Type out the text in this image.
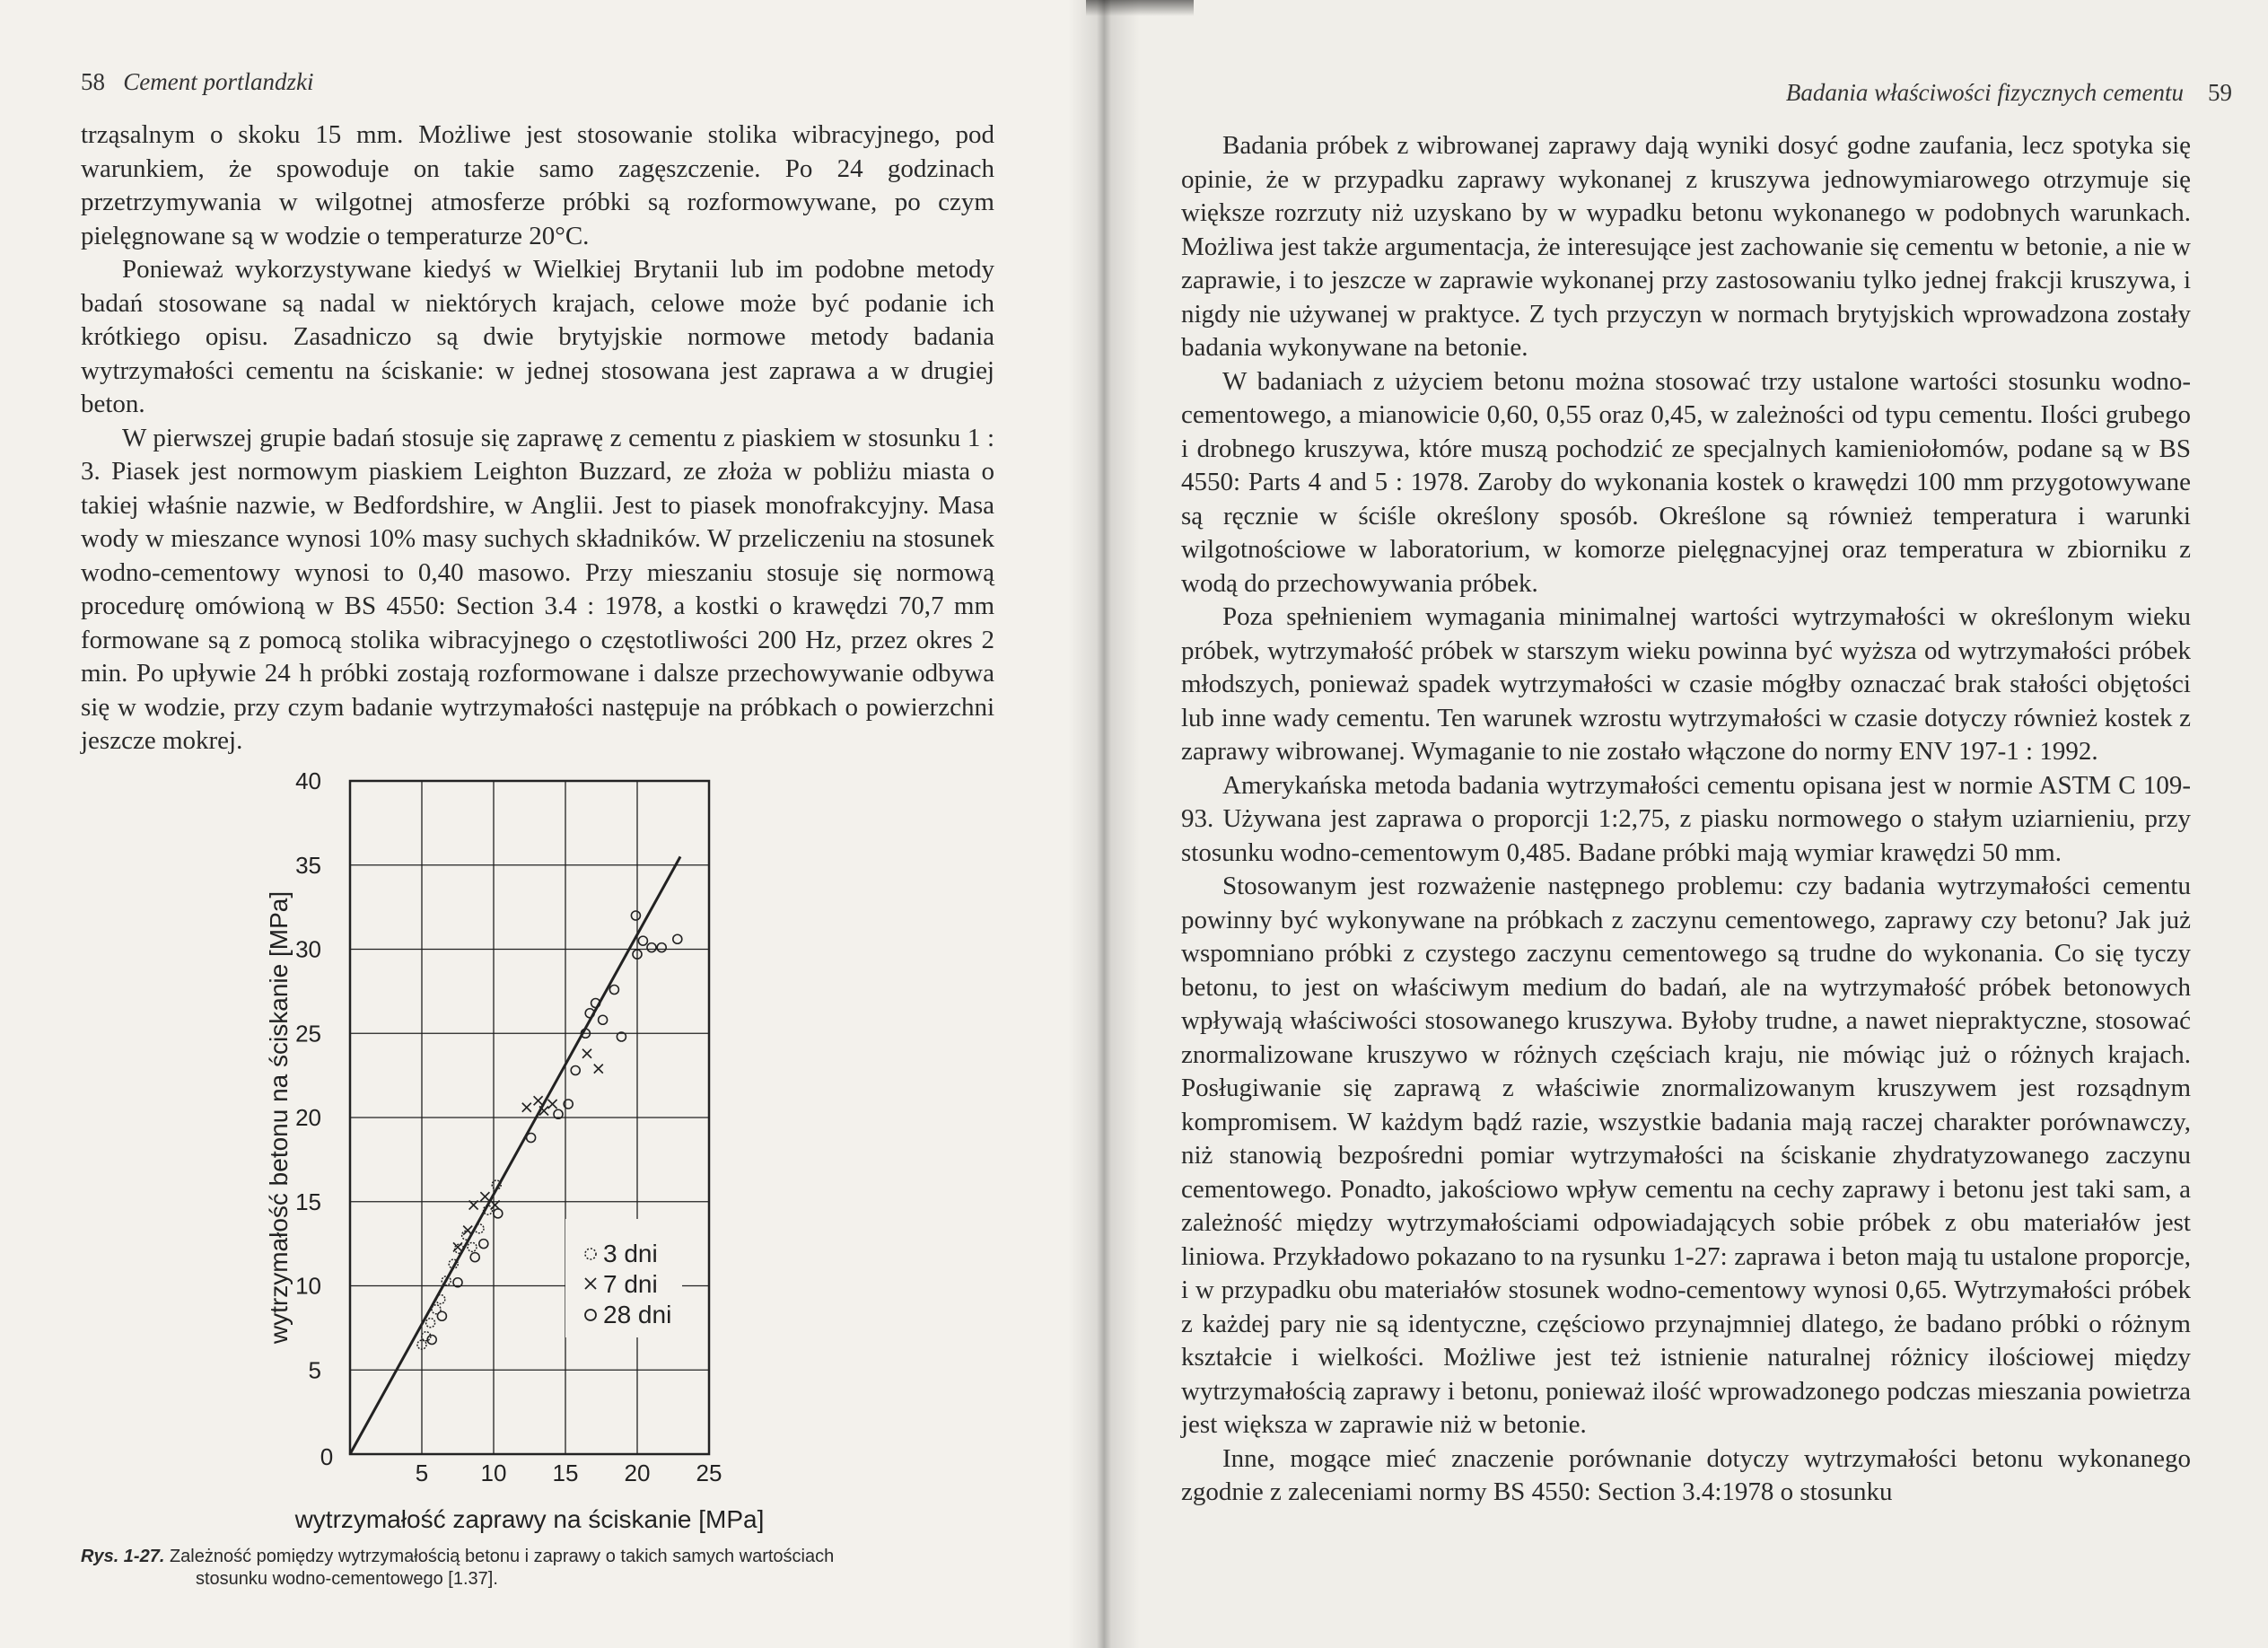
58 Cement portlandzki

trząsalnym o skoku 15 mm. Możliwe jest stosowanie stolika wibracyjnego, pod warunkiem, że spowoduje on takie samo zagęszczenie. Po 24 godzinach przetrzymywania w wilgotnej atmosferze próbki są rozformowywane, po czym pielęgnowane są w wodzie o temperaturze 20°C.

Ponieważ wykorzystywane kiedyś w Wielkiej Brytanii lub im podobne metody badań stosowane są nadal w niektórych krajach, celowe może być podanie ich krótkiego opisu. Zasadniczo są dwie brytyjskie normowe metody badania wytrzymałości cementu na ściskanie: w jednej stosowana jest zaprawa a w drugiej beton.

W pierwszej grupie badań stosuje się zaprawę z cementu z piaskiem w stosunku 1 : 3. Piasek jest normowym piaskiem Leighton Buzzard, ze złoża w pobliżu miasta o takiej właśnie nazwie, w Bedfordshire, w Anglii. Jest to piasek monofrakcyjny. Masa wody w mieszance wynosi 10% masy suchych składników. W przeliczeniu na stosunek wodno-cementowy wynosi to 0,40 masowo. Przy mieszaniu stosuje się normową procedurę omówioną w BS 4550: Section 3.4 : 1978, a kostki o krawędzi 70,7 mm formowane są z pomocą stolika wibracyjnego o częstotliwości 200 Hz, przez okres 2 min. Po upływie 24 h próbki zostają rozformowane i dalsze przechowywanie odbywa się w wodzie, przy czym badanie wytrzymałości następuje na próbkach o powierzchni jeszcze mokrej.

5
10
15
20
25
30
35
40
5 10 15 20 25
0
3 dni
7 dni
28 dni
wytrzymałość zaprawy na ściskanie [MPa]
wytrzymałość betonu na ściskanie [MPa]
Rys. 1-27. Zależność pomiędzy wytrzymałością betonu i zaprawy o takich samych wartościach
stosunku wodno-cementowego [1.37].
Badania właściwości fizycznych cementu 59

Badania próbek z wibrowanej zaprawy dają wyniki dosyć godne zaufania, lecz spotyka się opinie, że w przypadku zaprawy wykonanej z kruszywa jednowymiarowego otrzymuje się większe rozrzuty niż uzyskano by w wypadku betonu wykonanego w podobnych warunkach. Możliwa jest także argumentacja, że interesujące jest zachowanie się cementu w betonie, a nie w zaprawie, i to jeszcze w zaprawie wykonanej przy zastosowaniu tylko jednej frakcji kruszywa, i nigdy nie używanej w praktyce. Z tych przyczyn w normach brytyjskich wprowadzona zostały badania wykonywane na betonie.

W badaniach z użyciem betonu można stosować trzy ustalone wartości stosunku wodno-cementowego, a mianowicie 0,60, 0,55 oraz 0,45, w zależności od typu cementu. Ilości grubego i drobnego kruszywa, które muszą pochodzić ze specjalnych kamieniołomów, podane są w BS 4550: Parts 4 and 5 : 1978. Zaroby do wykonania kostek o krawędzi 100 mm przygotowywane są ręcznie w ściśle określony sposób. Określone są również temperatura i warunki wilgotnościowe w laboratorium, w komorze pielęgnacyjnej oraz temperatura w zbiorniku z wodą do przechowywania próbek.

Poza spełnieniem wymagania minimalnej wartości wytrzymałości w określonym wieku próbek, wytrzymałość próbek w starszym wieku powinna być wyższa od wytrzymałości próbek młodszych, ponieważ spadek wytrzymałości w czasie mógłby oznaczać brak stałości objętości lub inne wady cementu. Ten warunek wzrostu wytrzymałości w czasie dotyczy również kostek z zaprawy wibrowanej. Wymaganie to nie zostało włączone do normy ENV 197-1 : 1992.

Amerykańska metoda badania wytrzymałości cementu opisana jest w normie ASTM C 109-93. Używana jest zaprawa o proporcji 1:2,75, z piasku normowego o stałym uziarnieniu, przy stosunku wodno-cementowym 0,485. Badane próbki mają wymiar krawędzi 50 mm.

Stosowanym jest rozważenie następnego problemu: czy badania wytrzymałości cementu powinny być wykonywane na próbkach z zaczynu cementowego, zaprawy czy betonu? Jak już wspomniano próbki z czystego zaczynu cementowego są trudne do wykonania. Co się tyczy betonu, to jest on właściwym medium do badań, ale na wytrzymałość próbek betonowych wpływają właściwości stosowanego kruszywa. Byłoby trudne, a nawet niepraktyczne, stosować znormalizowane kruszywo w różnych częściach kraju, nie mówiąc już o różnych krajach. Posługiwanie się zaprawą z właściwie znormalizowanym kruszywem jest rozsądnym kompromisem. W każdym bądź razie, wszystkie badania mają raczej charakter porównawczy, niż stanowią bezpośredni pomiar wytrzymałości na ściskanie zhydratyzowanego zaczynu cementowego. Ponadto, jakościowo wpływ cementu na cechy zaprawy i betonu jest taki sam, a zależność między wytrzymałościami odpowiadających sobie próbek z obu materiałów jest liniowa. Przykładowo pokazano to na rysunku 1-27: zaprawa i beton mają tu ustalone proporcje, i w przypadku obu materiałów stosunek wodno-cementowy wynosi 0,65. Wytrzymałości próbek z każdej pary nie są identyczne, częściowo przynajmniej dlatego, że badano próbki o różnym kształcie i wielkości. Możliwe jest też istnienie naturalnej różnicy ilościowej między wytrzymałością zaprawy i betonu, ponieważ ilość wprowadzonego podczas mieszania powietrza jest większa w zaprawie niż w betonie.

Inne, mogące mieć znaczenie porównanie dotyczy wytrzymałości betonu wykonanego zgodnie z zaleceniami normy BS 4550: Section 3.4:1978 o stosunku
